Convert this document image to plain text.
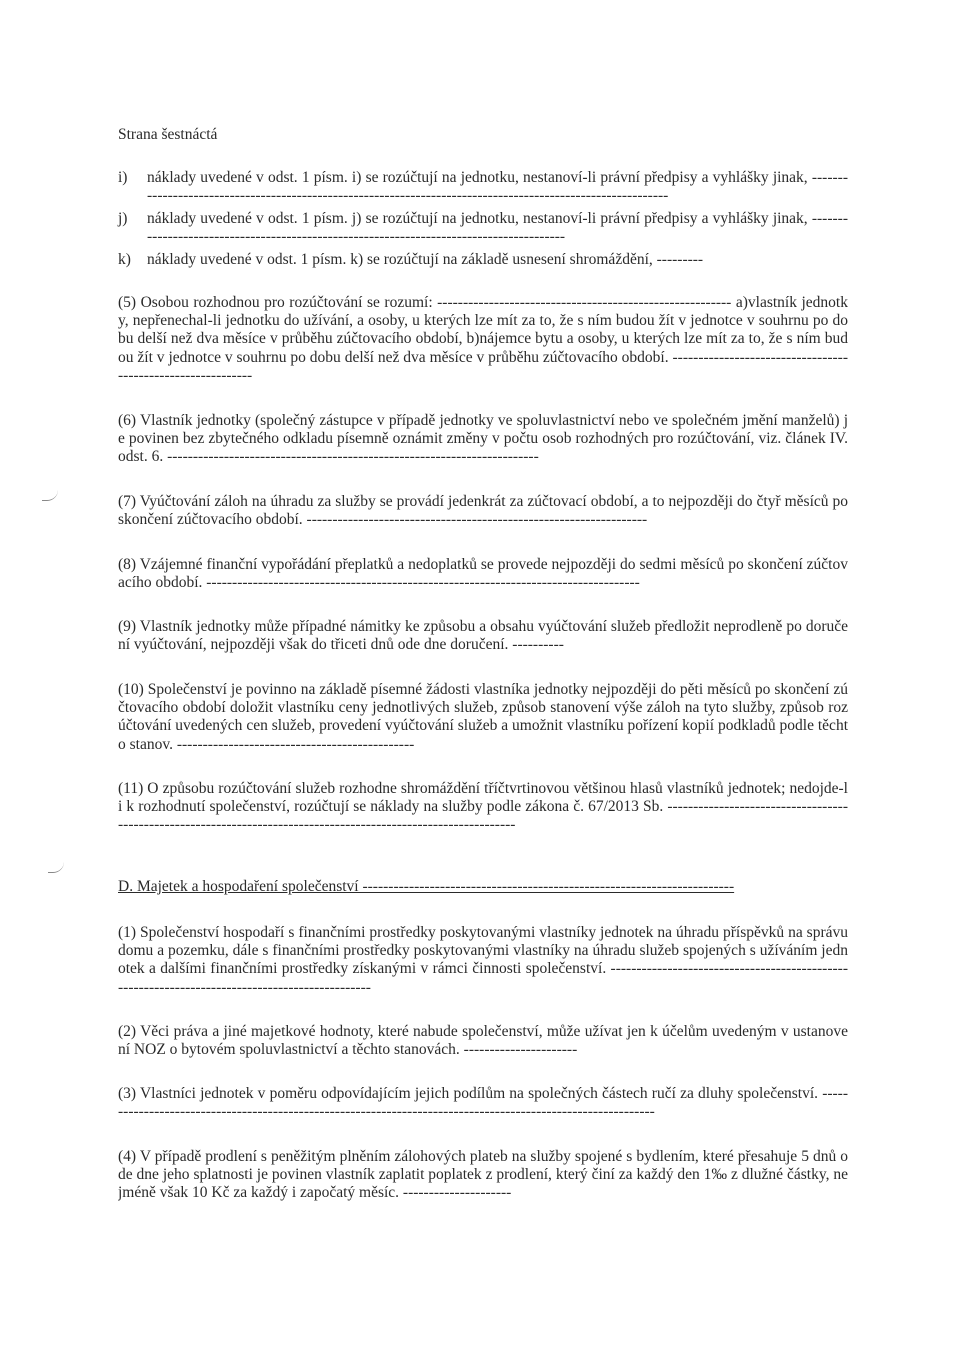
Strana šestnáctá
i) náklady uvedené v odst. 1 písm. i) se rozúčtují na jednotku, nestanoví-li právní předpisy a vyhlášky jinak, ------------------------------------------------------------------------------------------------------------
j) náklady uvedené v odst. 1 písm. j) se rozúčtují na jednotku, nestanoví-li právní předpisy a vyhlášky jinak, ----------------------------------------------------------------------------------------
k) náklady uvedené v odst. 1 písm. k) se rozúčtují na základě usnesení shromáždění, ---------
(5) Osobou rozhodnou pro rozúčtování se rozumí: --------------------------------------------------------- a)vlastník jednotky, nepřenechal-li jednotku do užívání, a osoby, u kterých lze mít za to, že s ním budou žít v jednotce v souhrnu po dobu delší než dva měsíce v průběhu zúčtovacího období, b)nájemce bytu a osoby, u kterých lze mít za to, že s ním budou žít v jednotce v souhrnu po dobu delší než dva měsíce v průběhu zúčtovacího období. ------------------------------------------------------------
(6) Vlastník jednotky (společný zástupce v případě jednotky ve spoluvlastnictví nebo ve společném jmění manželů) je povinen bez zbytečného odkladu písemně oznámit změny v počtu osob rozhodných pro rozúčtování, viz. článek IV. odst. 6. ------------------------------------------------------------------------
(7) Vyúčtování záloh na úhradu za služby se provádí jedenkrát za zúčtovací období, a to nejpozději do čtyř měsíců po skončení zúčtovacího období. ------------------------------------------------------------------
(8) Vzájemné finanční vypořádání přeplatků a nedoplatků se provede nejpozději do sedmi měsíců po skončení zúčtovacího období. ------------------------------------------------------------------------------------
(9) Vlastník jednotky může případné námitky ke způsobu a obsahu vyúčtování služeb předložit neprodleně po doručení vyúčtování, nejpozději však do třiceti dnů ode dne doručení. ----------
(10) Společenství je povinno na základě písemné žádosti vlastníka jednotky nejpozději do pěti měsíců po skončení zúčtovacího období doložit vlastníku ceny jednotlivých služeb, způsob stanovení výše záloh na tyto služby, způsob rozúčtování uvedených cen služeb, provedení vyúčtování služeb a umožnit vlastníku pořízení kopií podkladů podle těchto stanov. ----------------------------------------------
(11) O způsobu rozúčtování služeb rozhodne shromáždění tříčtvrtinovou většinou hlasů vlastníků jednotek; nedojde-li k rozhodnutí společenství, rozúčtují se náklady na služby podle zákona č. 67/2013 Sb. ----------------------------------------------------------------------------------------------------------------
D. Majetek a hospodaření společenství ------------------------------------------------------------------------
(1) Společenství hospodaří s finančními prostředky poskytovanými vlastníky jednotek na úhradu příspěvků na správu domu a pozemku, dále s finančními prostředky poskytovanými vlastníky na úhradu služeb spojených s užíváním jednotek a dalšími finančními prostředky získanými v rámci činnosti společenství. -----------------------------------------------------------------------------------------------
(2) Věci práva a jiné majetkové hodnoty, které nabude společenství, může užívat jen k účelům uvedeným v ustanovení NOZ o bytovém spoluvlastnictví a těchto stanovách. ----------------------
(3) Vlastníci jednotek v poměru odpovídajícím jejich podílům na společných částech ručí za dluhy společenství. -------------------------------------------------------------------------------------------------------------
(4) V případě prodlení s peněžitým plněním zálohových plateb na služby spojené s bydlením, které přesahuje 5 dnů ode dne jeho splatnosti je povinen vlastník zaplatit poplatek z prodlení, který činí za každý den 1‰ z dlužné částky, nejméně však 10 Kč za každý i započatý měsíc. ---------------------
